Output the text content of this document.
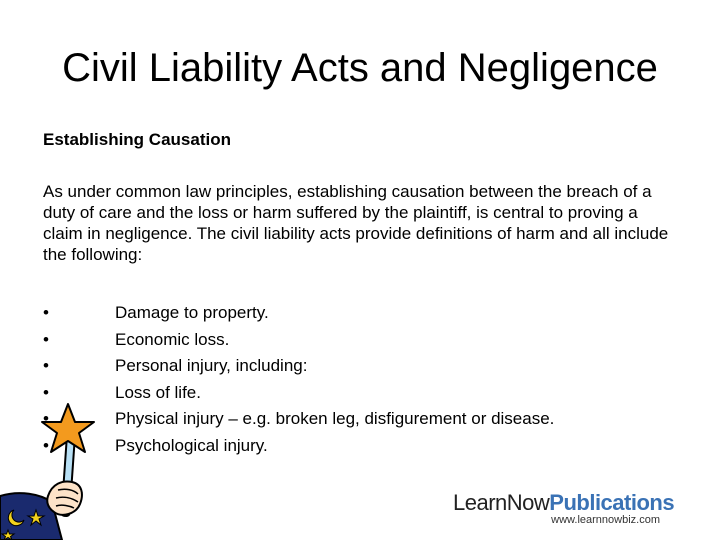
Civil Liability Acts and Negligence
Establishing Causation
As under common law principles, establishing causation between the breach of a duty of care and the loss or harm suffered by the plaintiff, is central to proving a claim in negligence. The civil liability acts provide definitions of harm and all include the following:
•	Damage to property.
•	Economic loss.
•	Personal injury, including:
•	Loss of life.
•	Physical injury – e.g. broken leg, disfigurement or disease.
•	Psychological injury.
LearnNowPublications
www.learnnowbiz.com
